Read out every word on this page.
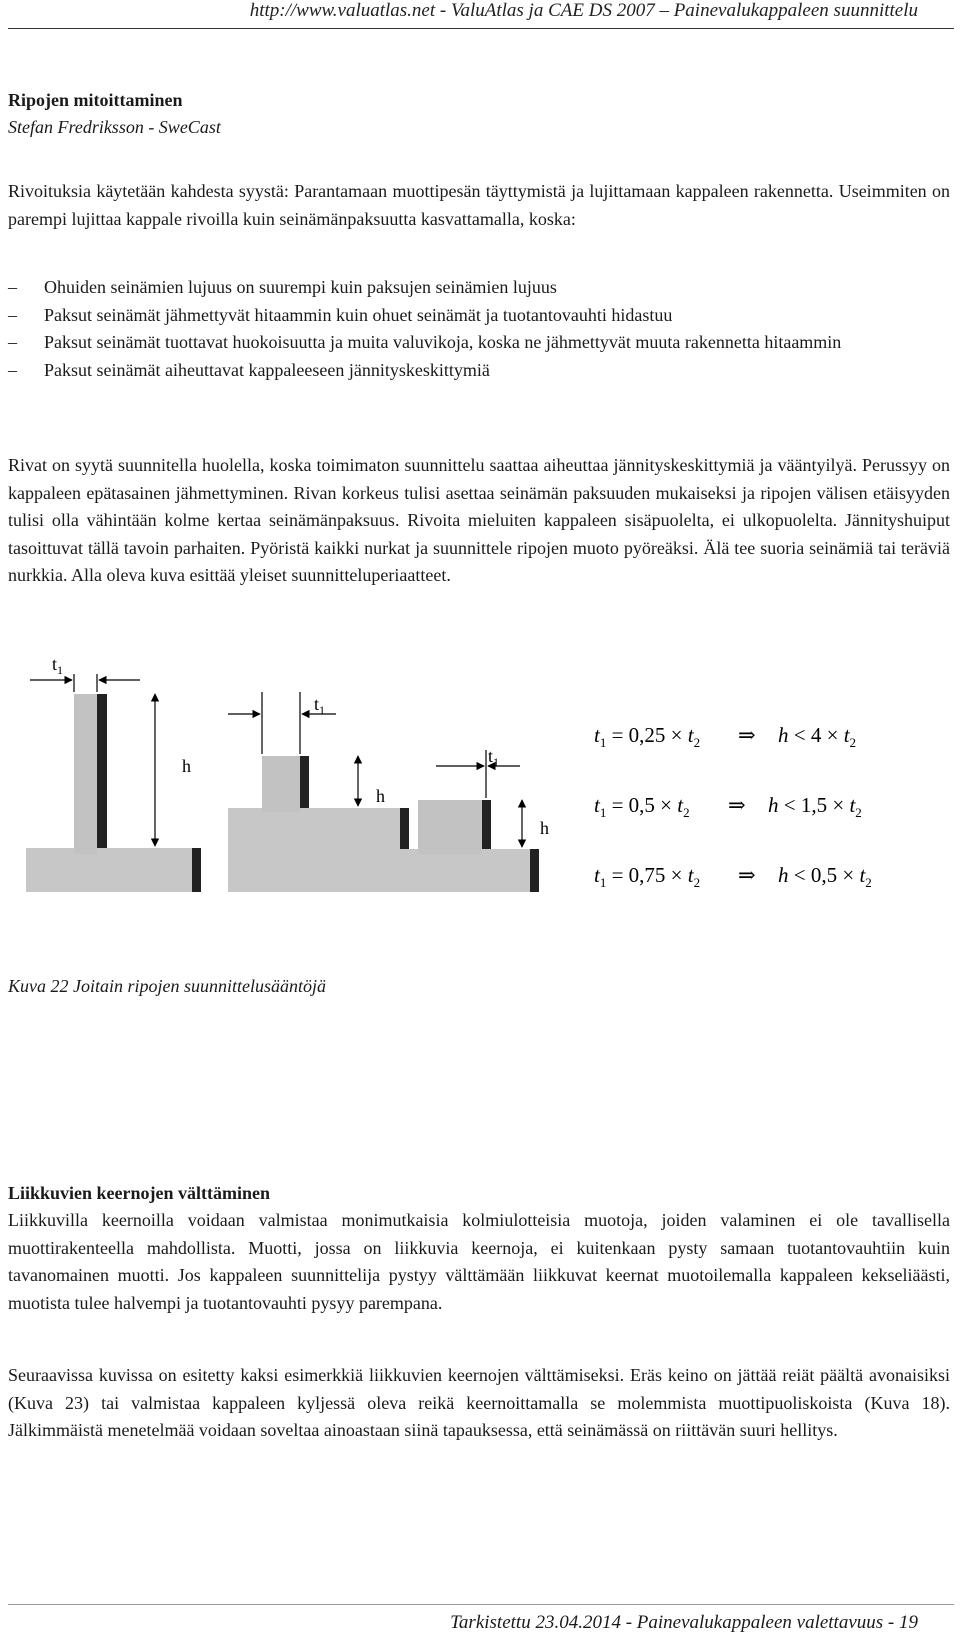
http://www.valuatlas.net - ValuAtlas ja CAE DS 2007 – Painevalukappaleen suunnittelu
Ripojen mitoittaminen
Stefan Fredriksson - SweCast
Rivoituksia käytetään kahdesta syystä: Parantamaan muottipesän täyttymistä ja lujittamaan kappaleen rakennetta. Useimmiten on parempi lujittaa kappale rivoilla kuin seinämänpaksuutta kasvattamalla, koska:
– Ohuiden seinämien lujuus on suurempi kuin paksujen seinämien lujuus
– Paksut seinämät jähmettyvät hitaammin kuin ohuet seinämät ja tuotantovauhti hidastuu
– Paksut seinämät tuottavat huokoisuutta ja muita valuvikoja, koska ne jähmettyvät muuta rakennetta hitaammin
– Paksut seinämät aiheuttavat kappaleeseen jännityskeskittymiä
Rivat on syytä suunnitella huolella, koska toimimaton suunnittelu saattaa aiheuttaa jännityskeskittymiä ja vääntyilyä. Perussyy on kappaleen epätasainen jähmettyminen. Rivan korkeus tulisi asettaa seinämän paksuuden mukaiseksi ja ripojen välisen etäisyyden tulisi olla vähintään kolme kertaa seinämänpaksuus. Rivoita mieluiten kappaleen sisäpuolelta, ei ulkopuolelta. Jännityshuiput tasoittuvat tällä tavoin parhaiten. Pyöristä kaikki nurkat ja suunnittele ripojen muoto pyöreäksi. Älä tee suoria seinämiä tai teräviä nurkkia. Alla oleva kuva esittää yleiset suunnitteluperiaatteet.
$t_1$
h
$t_1$
h
$t_1$
h
$t_1 = 0,25 \times t_2$ ⇒ $h < 4 \times t_2$
$t_1 = 0,5 \times t_2$ ⇒ $h < 1,5 \times t_2$
$t_1 = 0,75 \times t_2$ ⇒ $h < 0,5 \times t_2$
Kuva 22 Joitain ripojen suunnittelusääntöjä
Liikkuvien keernojen välttäminen
Liikkuvilla keernoilla voidaan valmistaa monimutkaisia kolmiulotteisia muotoja, joiden valaminen ei ole tavallisella muottirakenteella mahdollista. Muotti, jossa on liikkuvia keernoja, ei kuitenkaan pysty samaan tuotantovauhtiin kuin tavanomainen muotti. Jos kappaleen suunnittelija pystyy välttämään liikkuvat keernat muotoilemalla kappaleen kekseliäästi, muotista tulee halvempi ja tuotantovauhti pysyy parempana.
Seuraavissa kuvissa on esitetty kaksi esimerkkiä liikkuvien keernojen välttämiseksi. Eräs keino on jättää reiät päältä avonaisiksi (Kuva 23) tai valmistaa kappaleen kyljessä oleva reikä keernoittamalla se molemmista muottipuoliskoista (Kuva 18). Jälkimmäistä menetelmää voidaan soveltaa ainoastaan siinä tapauksessa, että seinämässä on riittävän suuri hellitys.
Tarkistettu 23.04.2014 - Painevalukappaleen valettavuus - 19
